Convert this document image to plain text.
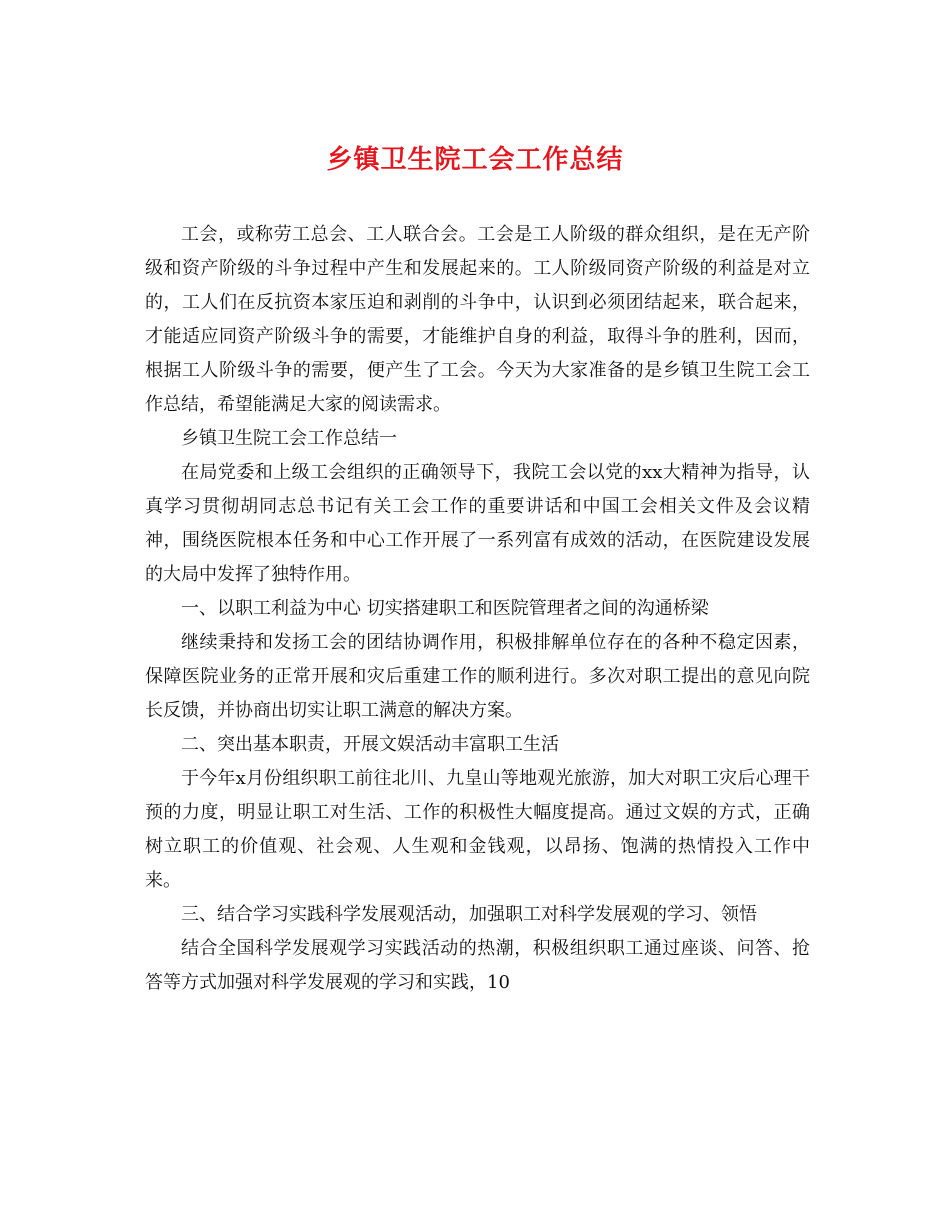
乡镇卫生院工会工作总结

工会，或称劳工总会、工人联合会。工会是工人阶级的群众组织，是在无产阶级和资产阶级的斗争过程中产生和发展起来的。工人阶级同资产阶级的利益是对立的，工人们在反抗资本家压迫和剥削的斗争中，认识到必须团结起来，联合起来，才能适应同资产阶级斗争的需要，才能维护自身的利益，取得斗争的胜利，因而，根据工人阶级斗争的需要，便产生了工会。今天为大家准备的是乡镇卫生院工会工作总结，希望能满足大家的阅读需求。

乡镇卫生院工会工作总结一

在局党委和上级工会组织的正确领导下，我院工会以党的xx大精神为指导，认真学习贯彻胡同志总书记有关工会工作的重要讲话和中国工会相关文件及会议精神，围绕医院根本任务和中心工作开展了一系列富有成效的活动，在医院建设发展的大局中发挥了独特作用。

一、以职工利益为中心 切实搭建职工和医院管理者之间的沟通桥梁

继续秉持和发扬工会的团结协调作用，积极排解单位存在的各种不稳定因素，保障医院业务的正常开展和灾后重建工作的顺利进行。多次对职工提出的意见向院长反馈，并协商出切实让职工满意的解决方案。

二、突出基本职责，开展文娱活动丰富职工生活

于今年x月份组织职工前往北川、九皇山等地观光旅游，加大对职工灾后心理干预的力度，明显让职工对生活、工作的积极性大幅度提高。通过文娱的方式，正确树立职工的价值观、社会观、人生观和金钱观，以昂扬、饱满的热情投入工作中来。

三、结合学习实践科学发展观活动，加强职工对科学发展观的学习、领悟

结合全国科学发展观学习实践活动的热潮，积极组织职工通过座谈、问答、抢答等方式加强对科学发展观的学习和实践，10
